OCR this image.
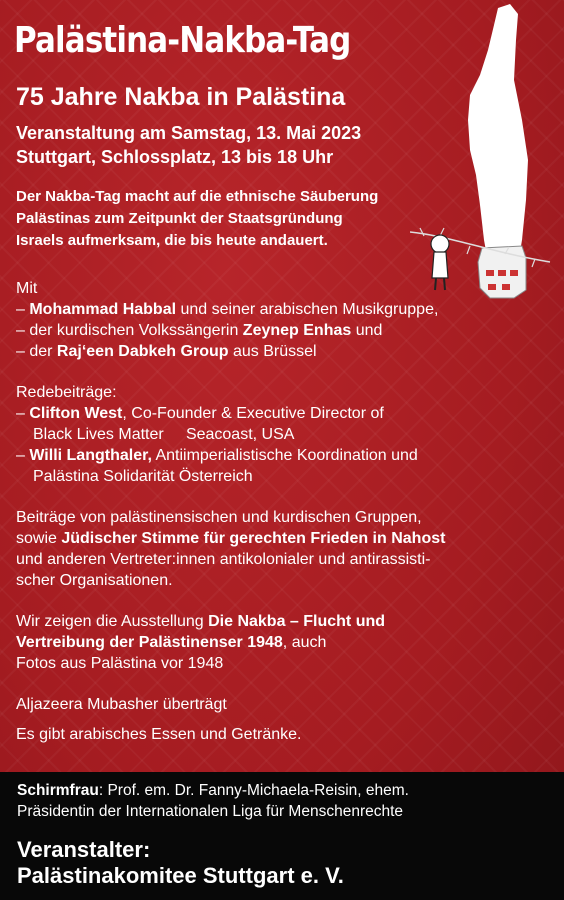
Palästina-Nakba-Tag
75 Jahre Nakba in Palästina
Veranstaltung am Samstag, 13. Mai 2023
Stuttgart, Schlossplatz, 13 bis 18 Uhr
Der Nakba-Tag macht auf die ethnische Säuberung
Palästinas zum Zeitpunkt der Staatsgründung
Israels aufmerksam, die bis heute andauert.

Mit

– Mohammad Habbal und seiner arabischen Musikgruppe,

– der kurdischen Volkssängerin Zeynep Enhas und

– der Raj‘een Dabkeh Group aus Brüssel

Redebeiträge:

– Clifton West, Co-Founder & Executive Director of

Black Lives Matter     Seacoast, USA

– Willi Langthaler, Antiimperialistische Koordination und

Palästina Solidarität Österreich

Beiträge von palästinensischen und kurdischen Gruppen,

sowie Jüdischer Stimme für gerechten Frieden in Nahost

und anderen Vertreter:innen antikolonialer und antirassisti-

scher Organisationen.

Wir zeigen die Ausstellung Die Nakba – Flucht und

Vertreibung der Palästinenser 1948, auch

Fotos aus Palästina vor 1948

Aljazeera Mubasher überträgt

Es gibt arabisches Essen und Getränke.

Schirmfrau: Prof. em. Dr. Fanny-Michaela-Reisin, ehem.

Präsidentin der Internationalen Liga für Menschenrechte

Veranstalter:

Palästinakomitee Stuttgart e. V.
